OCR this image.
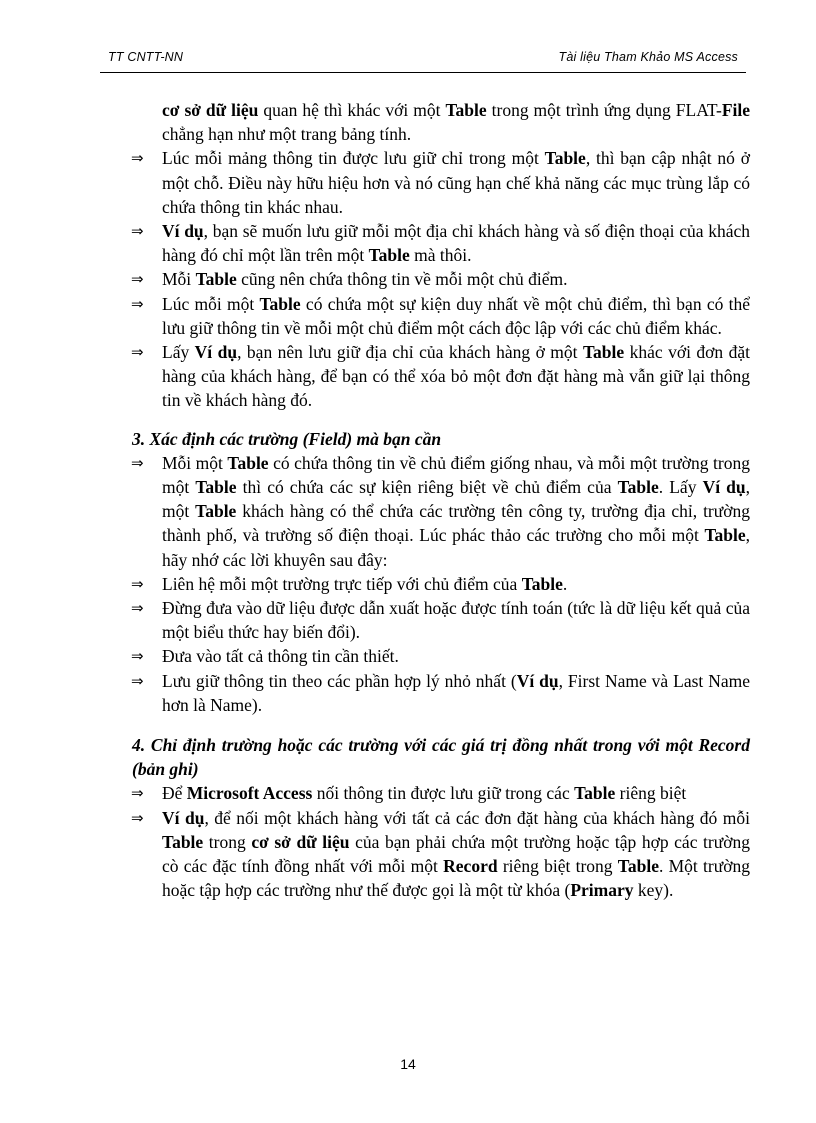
TT CNTT-NN	Tài liệu Tham Khảo MS Access

cơ sở dữ liệu quan hệ thì khác với một Table trong một trình ứng dụng FLAT-File chẳng hạn như một trang bảng tính.

⇒ Lúc mỗi mảng thông tin được lưu giữ chỉ trong một Table, thì bạn cập nhật nó ở một chỗ. Điều này hữu hiệu hơn và nó cũng hạn chế khả năng các mục trùng lắp có chứa thông tin khác nhau.

⇒ Ví dụ, bạn sẽ muốn lưu giữ mỗi một địa chỉ khách hàng và số điện thoại của khách hàng đó chỉ một lần trên một Table mà thôi.

⇒ Mỗi Table cũng nên chứa thông tin về mỗi một chủ điểm.

⇒ Lúc mỗi một Table có chứa một sự kiện duy nhất về một chủ điểm, thì bạn có thể lưu giữ thông tin về mỗi một chủ điểm một cách độc lập với các chủ điểm khác.

⇒ Lấy Ví dụ, bạn nên lưu giữ địa chỉ của khách hàng ở một Table khác với đơn đặt hàng của khách hàng, để bạn có thể xóa bỏ một đơn đặt hàng mà vẫn giữ lại thông tin về khách hàng đó.

3. Xác định các trường (Field) mà bạn cần

⇒ Mỗi một Table có chứa thông tin về chủ điểm giống nhau, và mỗi một trường trong một Table thì có chứa các sự kiện riêng biệt về chủ điểm của Table. Lấy Ví dụ, một Table khách hàng có thể chứa các trường tên công ty, trường địa chỉ, trường thành phố, và trường số điện thoại. Lúc phác thảo các trường cho mỗi một Table, hãy nhớ các lời khuyên sau đây:

⇒ Liên hệ mỗi một trường trực tiếp với chủ điểm của Table.

⇒ Đừng đưa vào dữ liệu được dẫn xuất hoặc được tính toán (tức là dữ liệu kết quả của một biểu thức hay biến đổi).

⇒ Đưa vào tất cả thông tin cần thiết.

⇒ Lưu giữ thông tin theo các phần hợp lý nhỏ nhất (Ví dụ, First Name và Last Name hơn là Name).

4. Chỉ định trường hoặc các trường với các giá trị đồng nhất trong với một Record (bản ghi)

⇒ Để Microsoft Access nối thông tin được lưu giữ trong các Table riêng biệt

⇒ Ví dụ, để nối một khách hàng với tất cả các đơn đặt hàng của khách hàng đó mỗi Table trong cơ sở dữ liệu của bạn phải chứa một trường hoặc tập hợp các trường cò các đặc tính đồng nhất với mỗi một Record riêng biệt trong Table. Một trường hoặc tập hợp các trường như thế được gọi là một từ khóa (Primary key).

14
